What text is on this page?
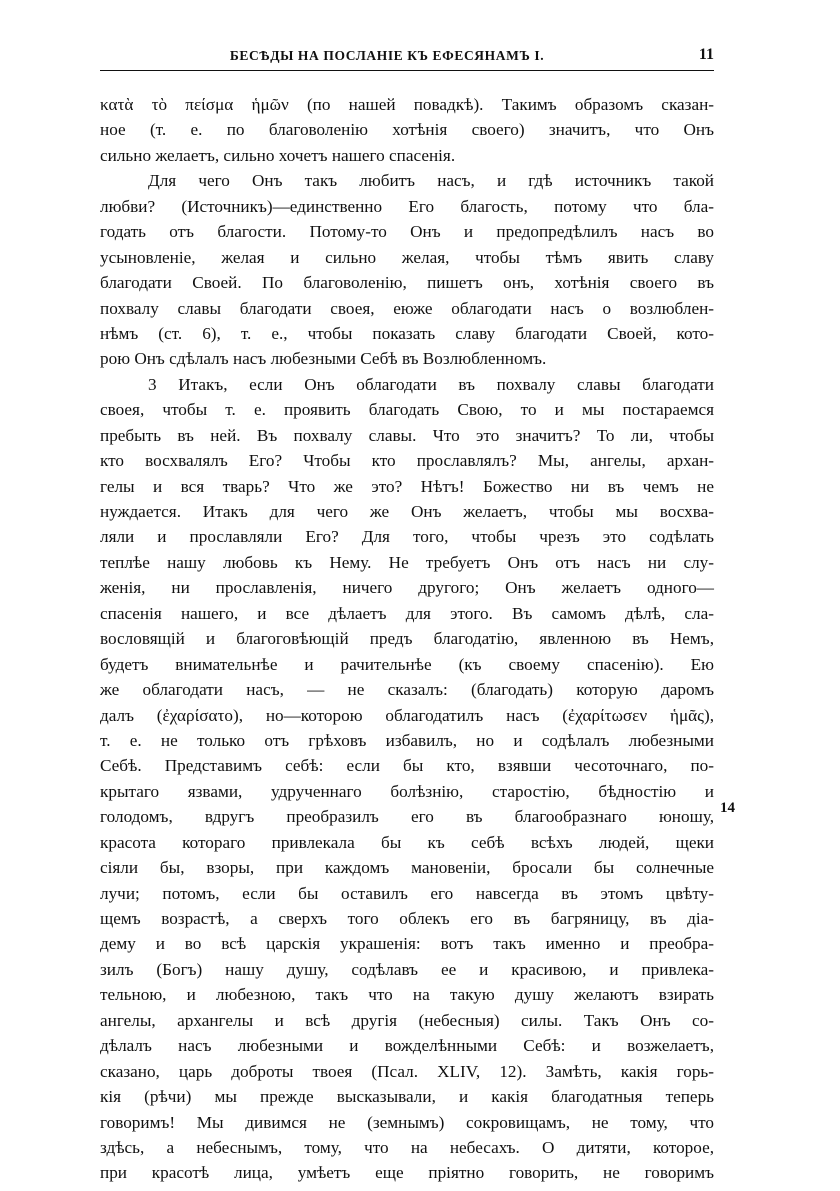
БЕСѢДЫ НА ПОСЛАНІЕ КЪ ЕФЕСЯНАМЪ I.	11
κατὰ τὸ πείσμα ἡμῶν (по нашей повадкѣ). Такимъ образомъ сказан-
ное (т. е. по благоволенію хотѣнія своего) значитъ, что Онъ
сильно желаетъ, сильно хочетъ нашего спасенія.
Для чего Онъ такъ любитъ насъ, и гдѣ источникъ такой
любви? (Источникъ)—единственно Его благость, потому что бла-
годать отъ благости. Потому-то Онъ и предопредѣлилъ насъ во
усыновленіе, желая и сильно желая, чтобы тѣмъ явить славу
благодати Своей. По благоволенію, пишетъ онъ, хотѣнія своего въ
похвалу славы благодати своея, еюже облагодати насъ о возлюблен-
нѣмъ (ст. 6), т. е., чтобы показать славу благодати Своей, кото-
рою Онъ сдѣлалъ насъ любезными Себѣ въ Возлюбленномъ.
3 Итакъ, если Онъ облагодати въ похвалу славы благодати
своея, чтобы т. е. проявить благодать Свою, то и мы постараемся
пребыть въ ней. Въ похвалу славы. Что это значитъ? То ли, чтобы
кто восхвалялъ Его? Чтобы кто прославлялъ? Мы, ангелы, архан-
гелы и вся тварь? Что же это? Нѣтъ! Божество ни въ чемъ не
нуждается. Итакъ для чего же Онъ желаетъ, чтобы мы восхва-
ляли и прославляли Его? Для того, чтобы чрезъ это содѣлать
теплѣе нашу любовь къ Нему. Не требуетъ Онъ отъ насъ ни слу-
женія, ни прославленія, ничего другого; Онъ желаетъ одного—
спасенія нашего, и все дѣлаетъ для этого. Въ самомъ дѣлѣ, сла-
вословящій и благоговѣющій предъ благодатію, явленною въ Немъ,
будетъ внимательнѣе и рачительнѣе (къ своему спасенію). Ею
же облагодати насъ, — не сказалъ: (благодать) которую даромъ
далъ (ἐχαρίσατο), но—которою облагодатилъ насъ (ἐχαρίτωσεν ἡμᾶς),
т. е. не только отъ грѣховъ избавилъ, но и содѣлалъ любезными
Себѣ. Представимъ себѣ: если бы кто, взявши чесоточнаго, по-
крытаго язвами, удрученнаго болѣзнію, старостію, бѣдностію и
голодомъ, вдругъ преобразилъ его въ благообразнаго юношу,
красота котораго привлекала бы къ себѣ всѣхъ людей, щеки
сіяли бы, взоры, при каждомъ мановеніи, бросали бы солнечные
лучи; потомъ, если бы оставилъ его навсегда въ этомъ цвѣту-
щемъ возрастѣ, а сверхъ того облекъ его въ багряницу, въ діа-
дему и во всѣ царскія украшенія: вотъ такъ именно и преобра-
зилъ (Богъ) нашу душу, содѣлавъ ее и красивою, и привлека-
тельною, и любезною, такъ что на такую душу желаютъ взирать
ангелы, архангелы и всѣ другія (небесныя) силы. Такъ Онъ со-
дѣлалъ насъ любезными и вожделѣнными Себѣ: и возжелаетъ,
сказано, царь доброты твоея (Псал. XLIV, 12). Замѣть, какія горь-
кія (рѣчи) мы прежде высказывали, и какія благодатныя теперь
говоримъ! Мы дивимся не (земнымъ) сокровищамъ, не тому, что
здѣсь, а небеснымъ, тому, что на небесахъ. О дитяти, которое,
при красотѣ лица, умѣетъ еще пріятно говорить, не говоримъ
14
